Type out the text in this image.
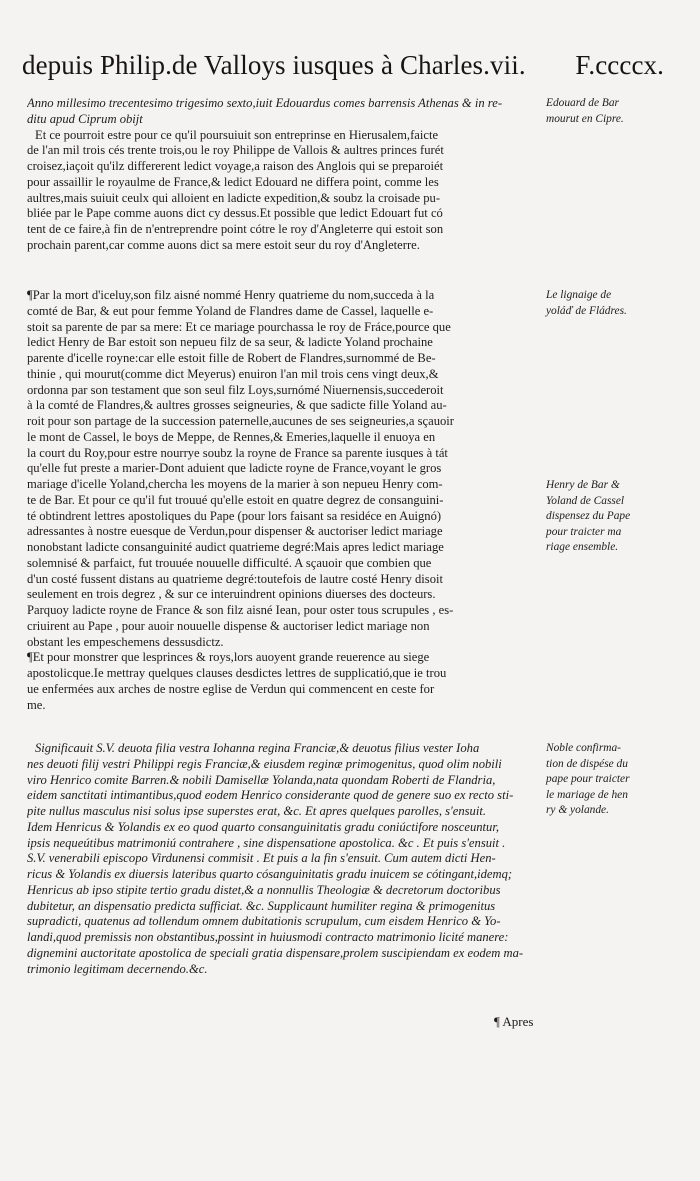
depuis Philip.de Valloys iusques à Charles.vii. F.ccccx.
Anno millesimo trecentesimo trigesimo sexto,iuit Edouardus comes barrensis Athenas & in re-
ditu apud Ciprum obijt
Et ce pourroit estre pour ce qu'il poursuiuit son entreprinse en Hierusalem,faicte
de l'an mil trois cés trente trois,ou le roy Philippe de Vallois & aultres princes furét
croisez,iaçoit qu'ilz differerent ledict voyage,a raison des Anglois qui se preparoiét
pour assaillir le royaulme de France,& ledict Edouard ne differa point, comme les
aultres,mais suiuit ceulx qui alloient en ladicte expedition,& soubz la croisade pu-
bliée par le Pape comme auons dict cy dessus.Et possible que ledict Edouart fut có
tent de ce faire,à fin de n'entreprendre point cótre le roy d'Angleterre qui estoit son
prochain parent,car comme auons dict sa mere estoit seur du roy d'Angleterre.
¶Par la mort d'iceluy,son filz aisné nommé Henry quatrieme du nom,succeda à la
comté de Bar, & eut pour femme Yoland de Flandres dame de Cassel, laquelle e-
stoit sa parente de par sa mere: Et ce mariage pourchassa le roy de Fráce,pource que
ledict Henry de Bar estoit son nepueu filz de sa seur, & ladicte Yoland prochaine
parente d'icelle royne:car elle estoit fille de Robert de Flandres,surnommé de Be-
thinie , qui mourut(comme dict Meyerus) enuiron l'an mil trois cens vingt deux,&
ordonna par son testament que son seul filz Loys,surnómé Niuernensis,succederoit
à la comté de Flandres,& aultres grosses seigneuries, & que sadicte fille Yoland au-
roit pour son partage de la succession paternelle,aucunes de ses seigneuries,a sçauoir
le mont de Cassel, le boys de Meppe, de Rennes,& Emeries,laquelle il enuoya en
la court du Roy,pour estre nourrye soubz la royne de France sa parente iusques à tát
qu'elle fut preste a marier-Dont aduient que ladicte royne de France,voyant le gros
mariage d'icelle Yoland,chercha les moyens de la marier à son nepueu Henry com-
te de Bar. Et pour ce qu'il fut trouué qu'elle estoit en quatre degrez de consanguini-
té obtindrent lettres apostoliques du Pape (pour lors faisant sa residéce en Auignó)
adressantes à nostre euesque de Verdun,pour dispenser & auctoriser ledict mariage
nonobstant ladicte consanguinité audict quatrieme degré:Mais apres ledict mariage
solemnisé & parfaict, fut trouuée nouuelle difficulté. A sçauoir que combien que
d'un costé fussent distans au quatrieme degré:toutefois de lautre costé Henry disoit
seulement en trois degrez , & sur ce interuindrent opinions diuerses des docteurs.
Parquoy ladicte royne de France & son filz aisné Iean, pour oster tous scrupules , es-
criuirent au Pape , pour auoir nouuelle dispense & auctoriser ledict mariage non
obstant les empeschemens dessusdictz.
¶Et pour monstrer que lesprinces & roys,lors auoyent grande reuerence au siege
apostolicque.Ie mettray quelques clauses desdictes lettres de supplicatió,que ie trou
ue enfermées aux arches de nostre eglise de Verdun qui commencent en ceste for
me.
Significauit S.V. deuota filia vestra Iohanna regina Franciæ,& deuotus filius vester Ioha
nes deuoti filij vestri Philippi regis Franciæ,& eiusdem reginæ primogenitus, quod olim nobili
viro Henrico comite Barren.& nobili Damisellæ Yolanda,nata quondam Roberti de Flandria,
eidem sanctitati intimantibus,quod eodem Henrico considerante quod de genere suo ex recto sti-
pite nullus masculus nisi solus ipse superstes erat, &c. Et apres quelques parolles, s'ensuit.
Idem Henricus & Yolandis ex eo quod quarto consanguinitatis gradu coniúctifore nosceuntur,
ipsis nequeútibus matrimoniú contrahere , sine dispensatione apostolica. &c . Et puis s'ensuit .
S.V. venerabili episcopo Virdunensi commisit . Et puis a la fin s'ensuit. Cum autem dicti Hen-
ricus & Yolandis ex diuersis lateribus quarto cósanguinitatis gradu inuicem se cótingant,idemq;
Henricus ab ipso stipite tertio gradu distet,& a nonnullis Theologiæ & decretorum doctoribus
dubitetur, an dispensatio predicta sufficiat. &c. Supplicaunt humiliter regina & primogenitus
supradicti, quatenus ad tollendum omnem dubitationis scrupulum, cum eisdem Henrico & Yo-
landi,quod premissis non obstantibus,possint in huiusmodi contracto matrimonio licité manere:
dignemini auctoritate apostolica de speciali gratia dispensare,prolem suscipiendam ex eodem ma-
trimonio legitimam decernendo.&c.
Edouard de Bar
mourut en Cipre.
Le lignaige de
yoláď de Fládres.
Henry de Bar &
Yoland de Cassel
dispensez du Pape
pour traicter ma
riage ensemble.
Noble confirma-
tion de dispése du
pape pour traicter
le mariage de hen
ry & yolande.
¶ Apres
